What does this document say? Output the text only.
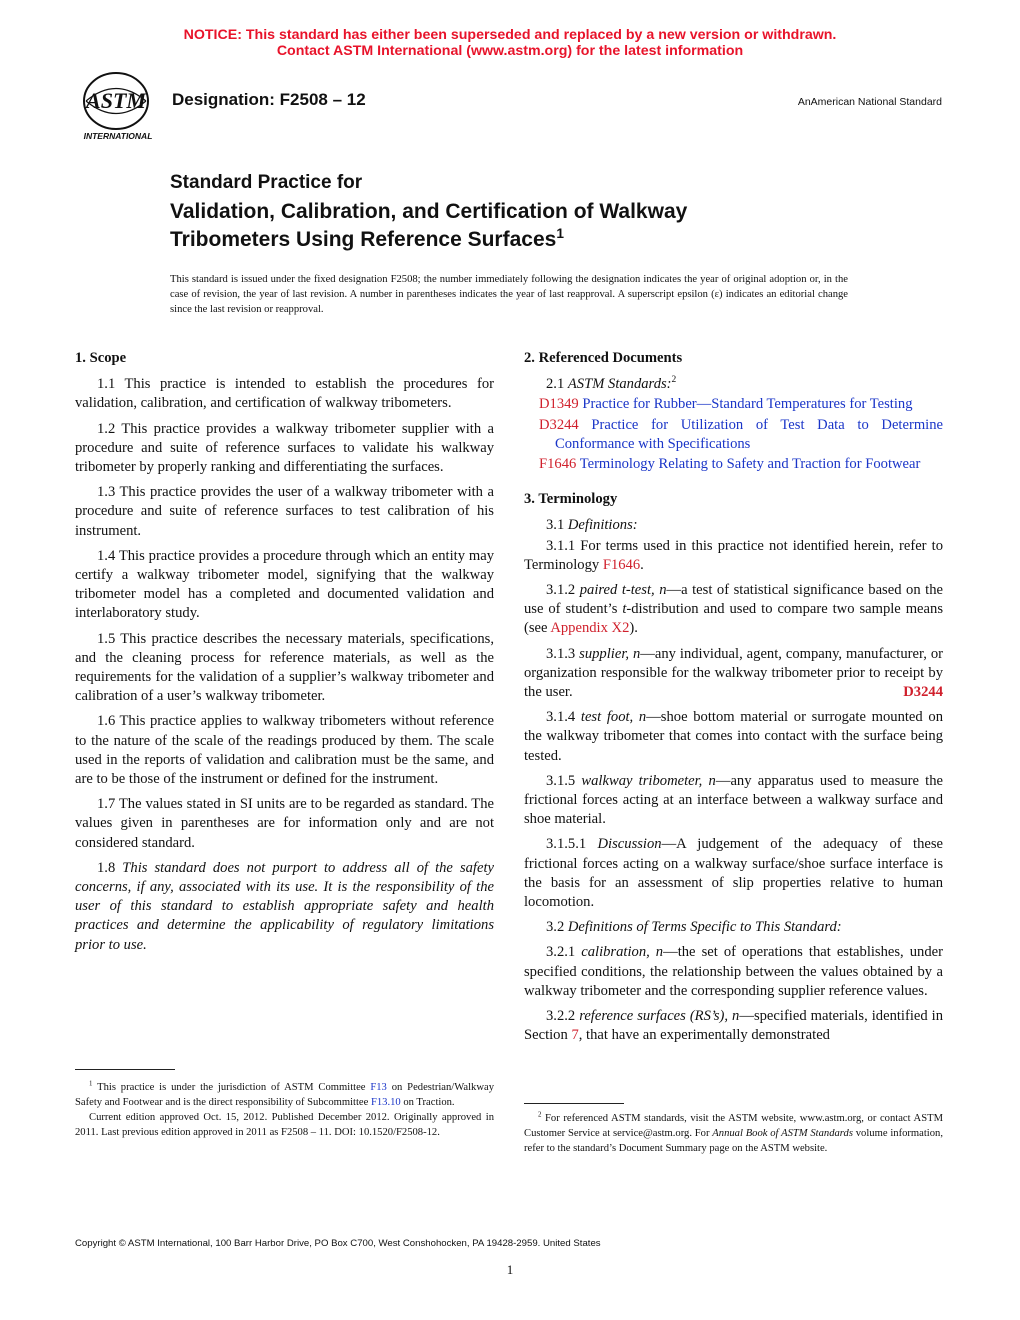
NOTICE: This standard has either been superseded and replaced by a new version or withdrawn.
Contact ASTM International (www.astm.org) for the latest information
ASTM
INTERNATIONAL
Designation: F2508 – 12	AnAmerican National Standard
Standard Practice for
Validation, Calibration, and Certification of Walkway
Tribometers Using Reference Surfaces$^1$
This standard is issued under the fixed designation F2508; the number immediately following the designation indicates the year of original adoption or, in the case of revision, the year of last revision. A number in parentheses indicates the year of last reapproval. A superscript epsilon (ε) indicates an editorial change since the last revision or reapproval.
1. Scope

1.1 This practice is intended to establish the procedures for validation, calibration, and certification of walkway tribometers.

1.2 This practice provides a walkway tribometer supplier with a procedure and suite of reference surfaces to validate his walkway tribometer by properly ranking and differentiating the surfaces.

1.3 This practice provides the user of a walkway tribometer with a procedure and suite of reference surfaces to test calibration of his instrument.

1.4 This practice provides a procedure through which an entity may certify a walkway tribometer model, signifying that the walkway tribometer model has a completed and documented validation and interlaboratory study.

1.5 This practice describes the necessary materials, specifications, and the cleaning process for reference materials, as well as the requirements for the validation of a supplier’s walkway tribometer and calibration of a user’s walkway tribometer.

1.6 This practice applies to walkway tribometers without reference to the nature of the scale of the readings produced by them. The scale used in the reports of validation and calibration must be the same, and are to be those of the instrument or defined for the instrument.

1.7 The values stated in SI units are to be regarded as standard. The values given in parentheses are for information only and are not considered standard.

1.8 This standard does not purport to address all of the safety concerns, if any, associated with its use. It is the responsibility of the user of this standard to establish appropriate safety and health practices and determine the applicability of regulatory limitations prior to use.

$^1$ This practice is under the jurisdiction of ASTM Committee F13 on Pedestrian/Walkway Safety and Footwear and is the direct responsibility of Subcommittee F13.10 on Traction.

Current edition approved Oct. 15, 2012. Published December 2012. Originally approved in 2011. Last previous edition approved in 2011 as F2508 – 11. DOI: 10.1520/F2508-12.

2. Referenced Documents

2.1 ASTM Standards:$^2$

D1349 Practice for Rubber—Standard Temperatures for Testing
D3244 Practice for Utilization of Test Data to Determine Conformance with Specifications
F1646 Terminology Relating to Safety and Traction for Footwear
3. Terminology

3.1 Definitions:

3.1.1 For terms used in this practice not identified herein, refer to Terminology F1646.

3.1.2 paired t-test, n—a test of statistical significance based on the use of student’s t-distribution and used to compare two sample means (see Appendix X2).

3.1.3 supplier, n—any individual, agent, company, manufacturer, or organization responsible for the walkway tribometer prior to receipt by the user.	D3244

3.1.4 test foot, n—shoe bottom material or surrogate mounted on the walkway tribometer that comes into contact with the surface being tested.

3.1.5 walkway tribometer, n—any apparatus used to measure the frictional forces acting at an interface between a walkway surface and shoe material.

3.1.5.1 Discussion—A judgement of the adequacy of these frictional forces acting on a walkway surface/shoe surface interface is the basis for an assessment of slip properties relative to human locomotion.

3.2 Definitions of Terms Specific to This Standard:

3.2.1 calibration, n—the set of operations that establishes, under specified conditions, the relationship between the values obtained by a walkway tribometer and the corresponding supplier reference values.

3.2.2 reference surfaces (RS’s), n—specified materials, identified in Section 7, that have an experimentally demonstrated

$^2$ For referenced ASTM standards, visit the ASTM website, www.astm.org, or contact ASTM Customer Service at service@astm.org. For Annual Book of ASTM Standards volume information, refer to the standard’s Document Summary page on the ASTM website.

Copyright © ASTM International, 100 Barr Harbor Drive, PO Box C700, West Conshohocken, PA 19428-2959. United States
1
